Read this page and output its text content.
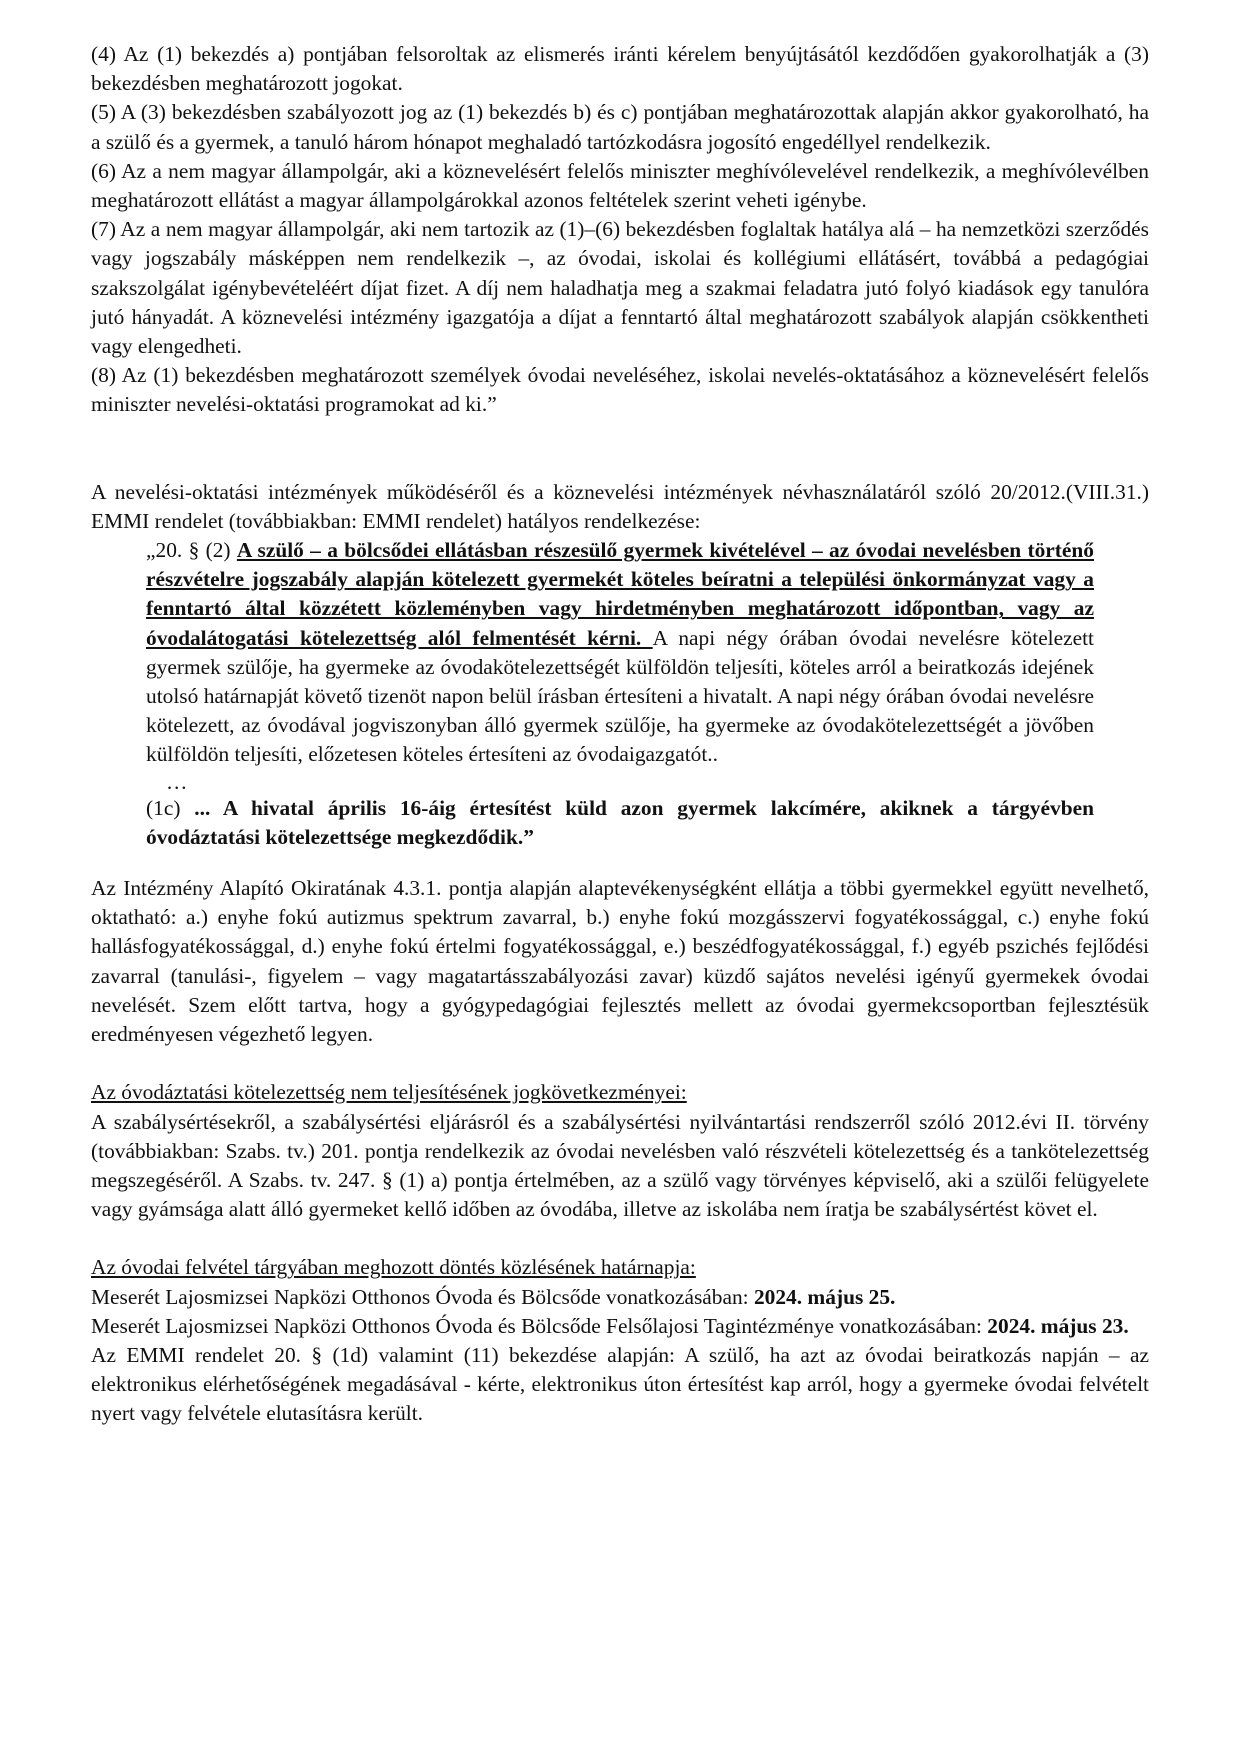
(4) Az (1) bekezdés a) pontjában felsoroltak az elismerés iránti kérelem benyújtásától kezdődően gyakorolhatják a (3) bekezdésben meghatározott jogokat.

(5) A (3) bekezdésben szabályozott jog az (1) bekezdés b) és c) pontjában meghatározottak alapján akkor gyakorolható, ha a szülő és a gyermek, a tanuló három hónapot meghaladó tartózkodásra jogosító engedéllyel rendelkezik.

(6) Az a nem magyar állampolgár, aki a köznevelésért felelős miniszter meghívólevelével rendelkezik, a meghívólevélben meghatározott ellátást a magyar állampolgárokkal azonos feltételek szerint veheti igénybe.

(7) Az a nem magyar állampolgár, aki nem tartozik az (1)–(6) bekezdésben foglaltak hatálya alá – ha nemzetközi szerződés vagy jogszabály másképpen nem rendelkezik –, az óvodai, iskolai és kollégiumi ellátásért, továbbá a pedagógiai szakszolgálat igénybevételéért díjat fizet. A díj nem haladhatja meg a szakmai feladatra jutó folyó kiadások egy tanulóra jutó hányadát. A köznevelési intézmény igazgatója a díjat a fenntartó által meghatározott szabályok alapján csökkentheti vagy elengedheti.

(8) Az (1) bekezdésben meghatározott személyek óvodai neveléséhez, iskolai nevelés-oktatásához a köznevelésért felelős miniszter nevelési-oktatási programokat ad ki.”

A nevelési-oktatási intézmények működéséről és a köznevelési intézmények névhasználatáról szóló 20/2012.(VIII.31.) EMMI rendelet (továbbiakban: EMMI rendelet) hatályos rendelkezése:

„20. § (2) A szülő – a bölcsődei ellátásban részesülő gyermek kivételével – az óvodai nevelésben történő részvételre jogszabály alapján kötelezett gyermekét köteles beíratni a települési önkormányzat vagy a fenntartó által közzétett közleményben vagy hirdetményben meghatározott időpontban, vagy az óvodalátogatási kötelezettség alól felmentését kérni. A napi négy órában óvodai nevelésre kötelezett gyermek szülője, ha gyermeke az óvodakötelezettségét külföldön teljesíti, köteles arról a beiratkozás idejének utolsó határnapját követő tizenöt napon belül írásban értesíteni a hivatalt. A napi négy órában óvodai nevelésre kötelezett, az óvodával jogviszonyban álló gyermek szülője, ha gyermeke az óvodakötelezettségét a jövőben külföldön teljesíti, előzetesen köteles értesíteni az óvodaigazgatót..

…

(1c) ... A hivatal április 16-áig értesítést küld azon gyermek lakcímére, akiknek a tárgyévben óvodáztatási kötelezettsége megkezdődik.”

Az Intézmény Alapító Okiratának 4.3.1. pontja alapján alaptevékenységként ellátja a többi gyermekkel együtt nevelhető, oktatható: a.) enyhe fokú autizmus spektrum zavarral, b.) enyhe fokú mozgásszervi fogyatékossággal, c.) enyhe fokú hallásfogyatékossággal, d.) enyhe fokú értelmi fogyatékossággal, e.) beszédfogyatékossággal, f.) egyéb pszichés fejlődési zavarral (tanulási-, figyelem – vagy magatartásszabályozási zavar) küzdő sajátos nevelési igényű gyermekek óvodai nevelését. Szem előtt tartva, hogy a gyógypedagógiai fejlesztés mellett az óvodai gyermekcsoportban fejlesztésük eredményesen végezhető legyen.

Az óvodáztatási kötelezettség nem teljesítésének jogkövetkezményei:

A szabálysértésekről, a szabálysértési eljárásról és a szabálysértési nyilvántartási rendszerről szóló 2012.évi II. törvény (továbbiakban: Szabs. tv.) 201. pontja rendelkezik az óvodai nevelésben való részvételi kötelezettség és a tankötelezettség megszegéséről. A Szabs. tv. 247. § (1) a) pontja értelmében, az a szülő vagy törvényes képviselő, aki a szülői felügyelete vagy gyámsága alatt álló gyermeket kellő időben az óvodába, illetve az iskolába nem íratja be szabálysértést követ el.

Az óvodai felvétel tárgyában meghozott döntés közlésének határnapja:

Meserét Lajosmizsei Napközi Otthonos Óvoda és Bölcsőde vonatkozásában: 2024. május 25.

Meserét Lajosmizsei Napközi Otthonos Óvoda és Bölcsőde Felsőlajosi Tagintézménye vonatkozásában: 2024. május 23.

Az EMMI rendelet 20. § (1d) valamint (11) bekezdése alapján: A szülő, ha azt az óvodai beiratkozás napján – az elektronikus elérhetőségének megadásával - kérte, elektronikus úton értesítést kap arról, hogy a gyermeke óvodai felvételt nyert vagy felvétele elutasításra került.
